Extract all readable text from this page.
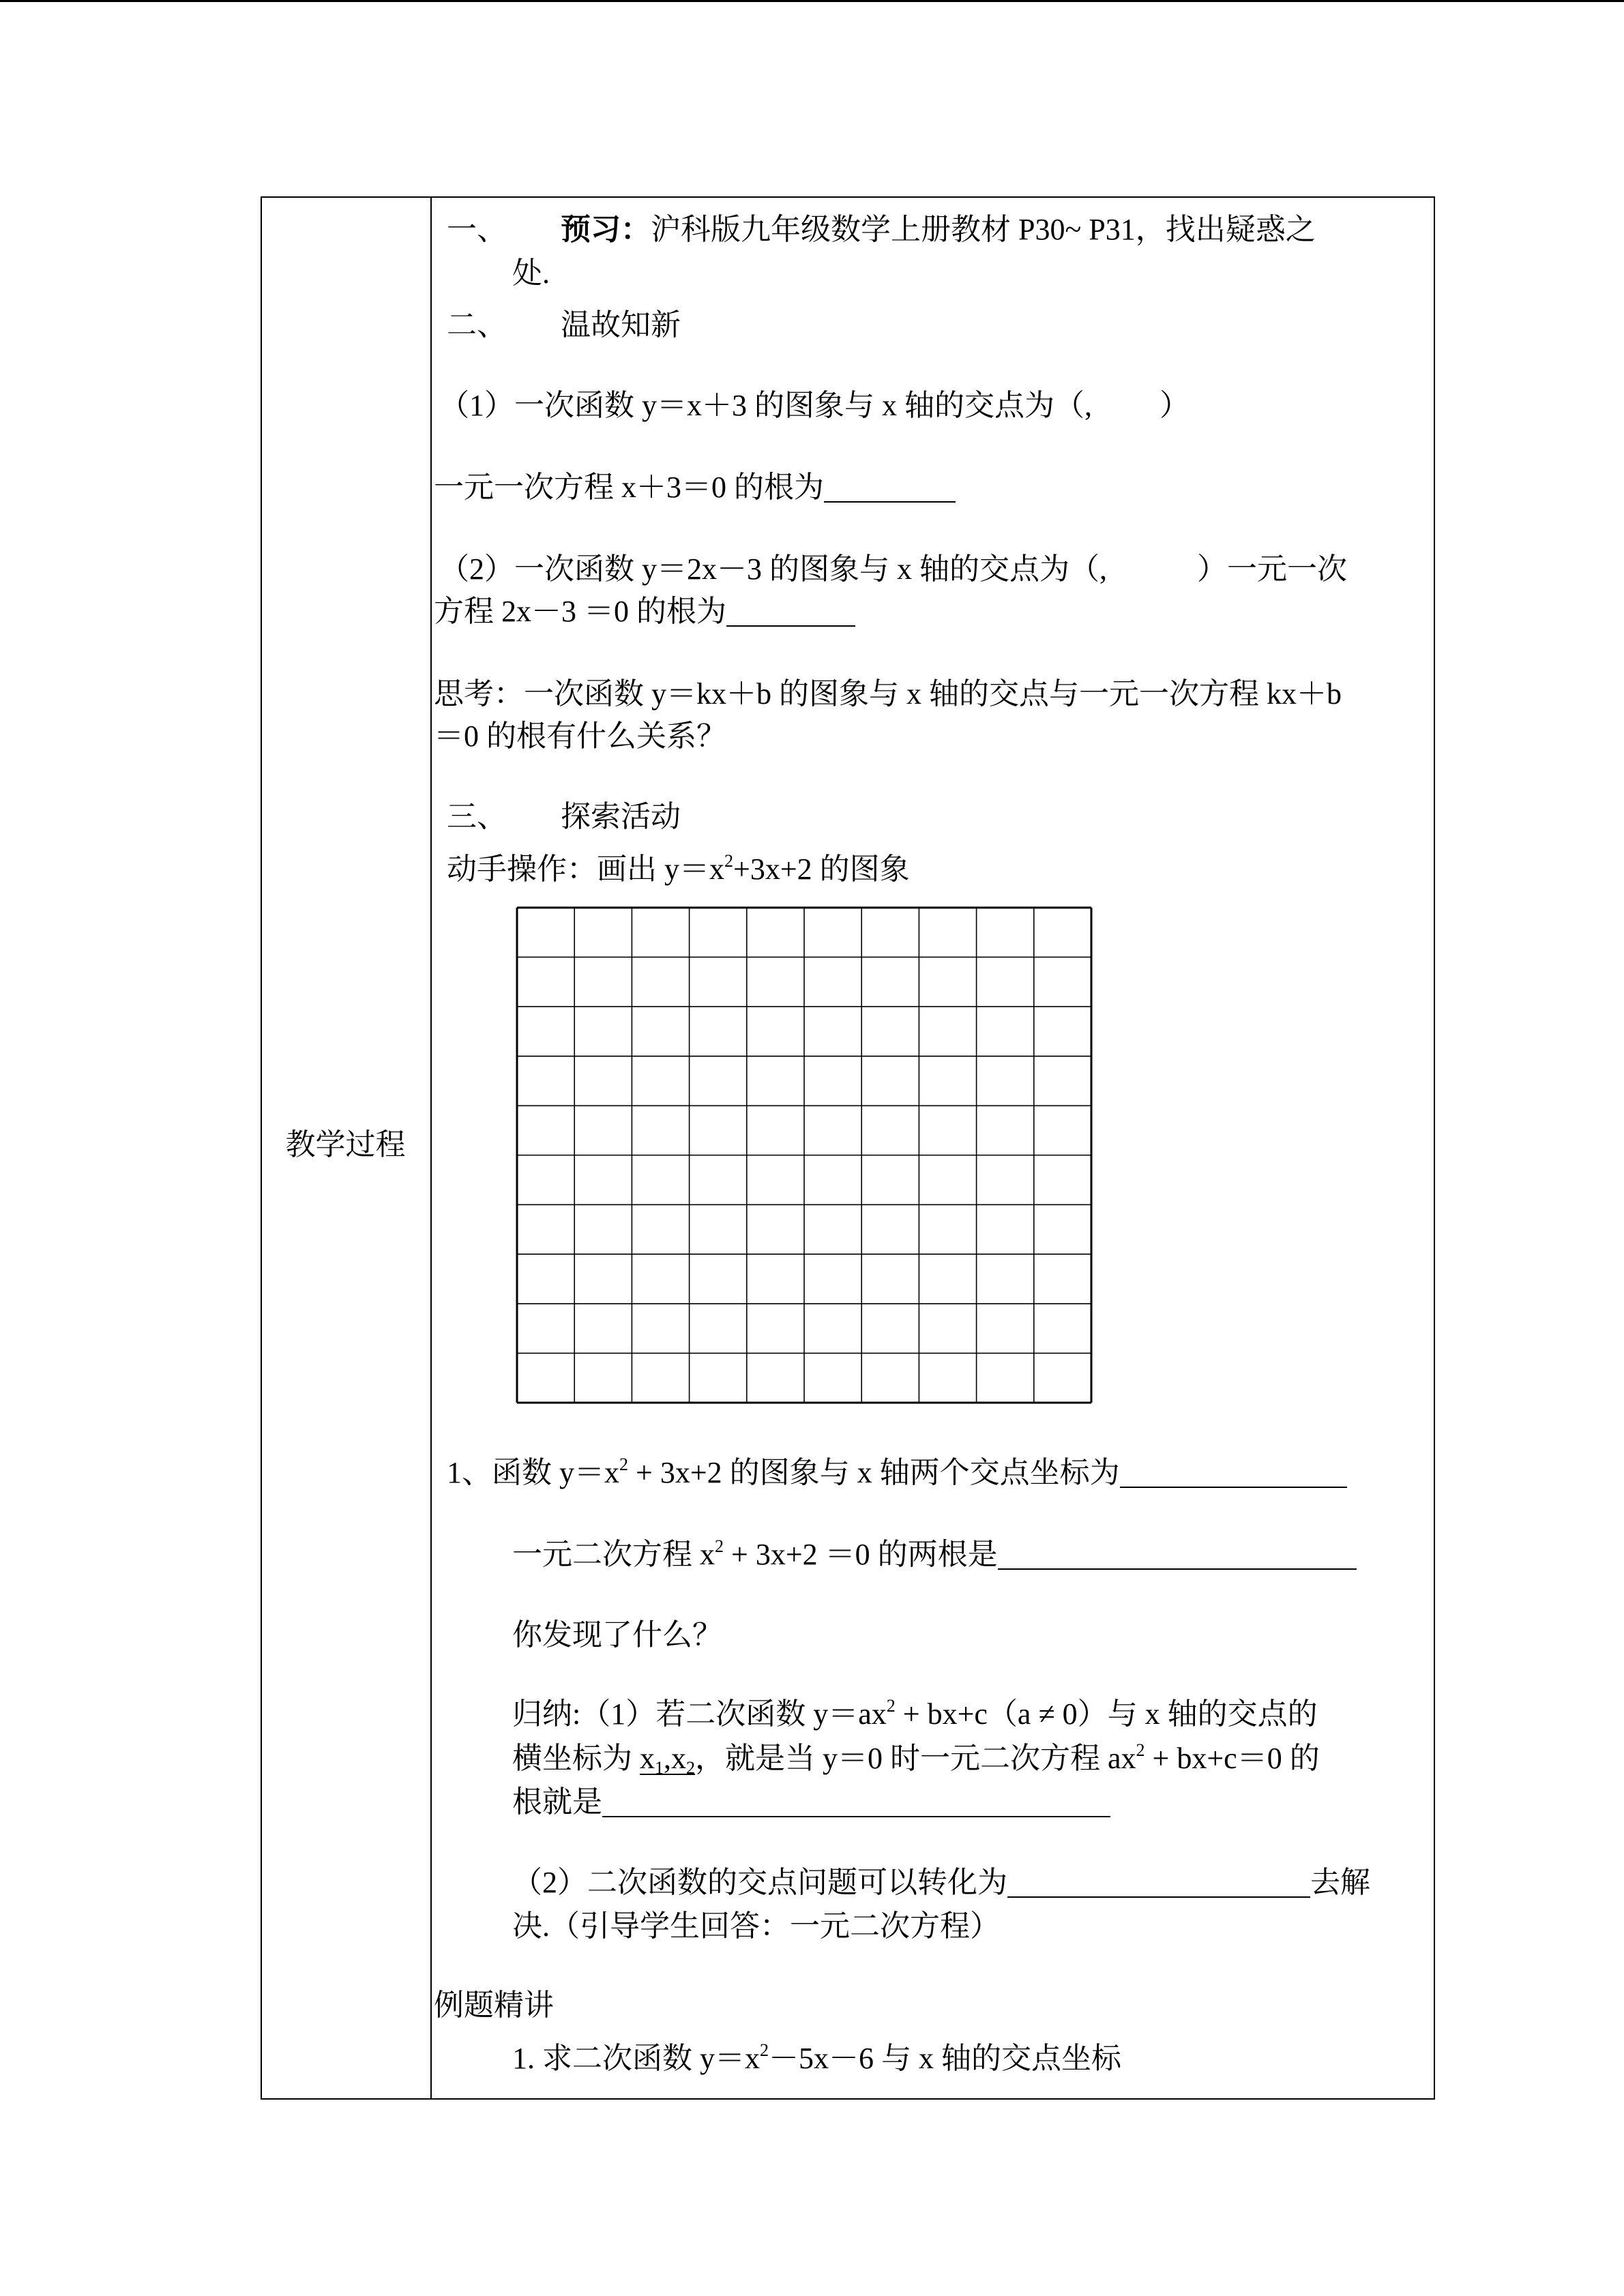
教学过程
一、 预习：沪科版九年级数学上册教材 P30~ P31，找出疑惑之
处.
二、 温故知新
（1）一次函数 y＝x＋3 的图象与 x 轴的交点为（,　　 ）
一元一次方程 x＋3＝0 的根为
（2）一次函数 y＝2x－3 的图象与 x 轴的交点为（,　　　）一元一次
方程 2x－3 ＝0 的根为
思考：一次函数 y＝kx＋b 的图象与 x 轴的交点与一元一次方程 kx＋b
＝0 的根有什么关系？
三、 探索活动
动手操作：画出 $y=x^2+3x+2$ 的图象
1、函数 $y=x^2 + 3x+2$ 的图象与 x 轴两个交点坐标为
一元二次方程 $x^2 + 3x+2 =0$ 的两根是
你发现了什么？
归纳:（1）若二次函数 $y=ax^2 + bx+c(a \ne 0)$与 x 轴的交点的
横坐标为 $x_1,x_2$，就是当 y＝0 时一元二次方程 $ax^2 + bx+c=0$ 的
根就是
（2）二次函数的交点问题可以转化为	去解
决.（引导学生回答：一元二次方程）
例题精讲
1. 求二次函数 $y=x^2-5x-6$ 与 x 轴的交点坐标
